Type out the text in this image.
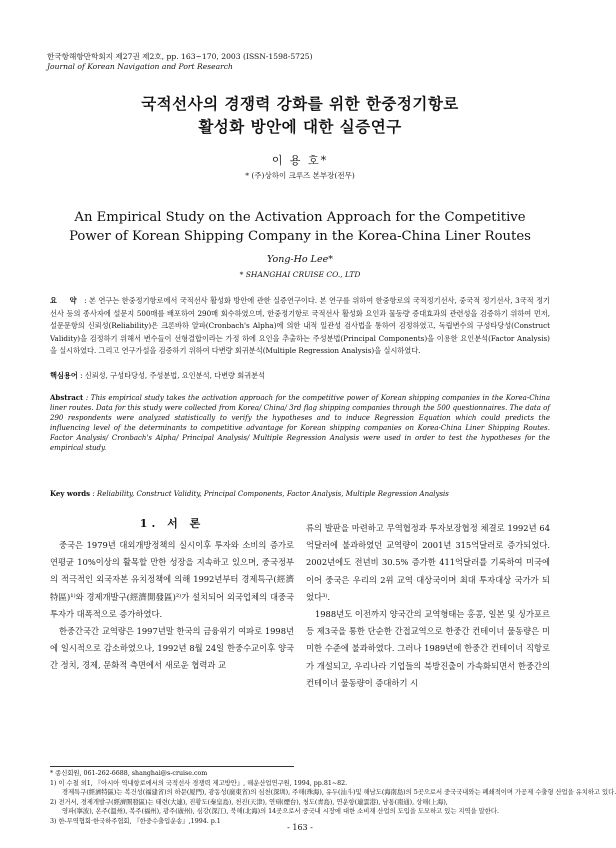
한국항해항만학회지 제27권 제2호, pp. 163~170, 2003 (ISSN-1598-5725)
Journal of Korean Navigation and Port Research
국적선사의 경쟁력 강화를 위한 한중정기항로
활성화 방안에 대한 실증연구
이 용 호*
* (주)상하이 크루즈 본부장(전무)
An Empirical Study on the Activation Approach for the Competitive
Power of Korean Shipping Company in the Korea-China Liner Routes
Yong-Ho Lee*
* SHANGHAI CRUISE CO., LTD
요 약 : 본 연구는 한중정기항로에서 국적선사 활성화 방안에 관한 실증연구이다. 본 연구를 위하여 한중항로의 국적정기선사, 중국적 정기선사, 3국적 정기선사 등의 종사자에 설문지 500매를 배포하여 290매 회수하였으며, 한중정기항로 국적선사 활성화 요인과 물동량 증대효과의 관련성을 검증하기 위하여 먼저, 설문문항의 신뢰성(Reliability)은 크론바하 알파(Cronbach's Alpha)에 의한 내적 일관성 검사법을 통하여 검정하였고, 독립변수의 구성타당성(Construct Validity)을 검정하기 위해서 변수들이 선형결합이라는 가정 하에 요인을 추출하는 주성분법(Principal Components)을 이용한 요인분석(Factor Analysis)을 실시하였다. 그리고 연구가설을 검증하기 위하여 다변량 회귀분석(Multiple Regression Analysis)을 실시하였다.
핵심용어 : 신뢰성, 구성타당성, 주성분법, 요인분석, 다변량 회귀분석
Abstract : This empirical study takes the activation approach for the competitive power of Korean shipping companies in the Korea-China liner routes. Data for this study were collected from Korea/ China/ 3rd flag shipping companies through the 500 questionnaires. The data of 290 respondents were analyzed statistically to verify the hypotheses and to induce Regression Equation which could predicts the influencing level of the determinants to competitive advantage for Korean shipping companies on Korea-China Liner Shipping Routes. Factor Analysis/ Cronbach's Alpha/ Principal Analysis/ Multiple Regression Analysis were used in order to test the hypotheses for the empirical study.
Key words : Reliability, Construct Validity, Principal Components, Factor Analysis, Multiple Regression Analysis
1. 서 론

중국은 1979년 대외개방정책의 실시이후 투자와 소비의 증가로 연평균 10%이상의 활목할 만한 성장을 지속하고 있으며, 중국정부의 적극적인 외국자본 유치정책에 의해 1992년부터 경제특구(經濟特區)¹⁾와 경제개발구(經濟開發區)²⁾가 설치되어 외국업체의 대중국 투자가 대폭적으로 증가하였다.

한중간국간 교역량은 1997년말 한국의 금융위기 여파로 1998년에 일시적으로 감소하였으나, 1992년 8월 24일 한중수교이후 양국간 정치, 경제, 문화적 측면에서 새로운 협력과 교

류의 발판을 마련하고 무역협정과 투자보장협정 체결로 1992년 64억달러에 불과하였던 교역량이 2001년 315억달러로 증가되었다. 2002년에도 전년비 30.5% 증가한 411억달러를 기록하여 미국에 이어 중국은 우리의 2위 교역 대상국이며 최대 투자대상 국가가 되었다³⁾.

1988년도 이전까지 양국간의 교역형태는 홍콩, 일본 및 싱가포르 등 제3국을 통한 단순한 간접교역으로 한중간 컨테이너 물동량은 미미한 수준에 불과하였다. 그러나 1989년에 한중간 컨테이너 직항로가 개설되고, 우리나라 기업들의 북방진출이 가속화되면서 한중간의 컨테이너 물동량이 증대하기 시

* 종신회원, 061-262-6688, shanghai@s-cruise.com
1) 이 수철 외1, 『아시아 역내항로에서의 국적선사 경쟁력 제고방안』, 해운산업연구원, 1994, pp.81~82.
경제특구(經濟特區)는 복건성(福建省)의 하문(厦門), 광동성(廣東省)의 심천(深圳), 주해(珠海), 유두(汕斗)및 해남도(海南島)의 5곳으로서 중국국내와는 폐쇄적이며 가공제 수출형 산업을 유치하고 있다.
2) 전거서, 경제개발구(經濟開發區)는 태련(大連), 진황도(秦皇島), 천진(天津), 연태(煙台), 청도(靑島), 연운항(連雲港), 남통(南通), 상해(上海),
영파(寧波), 온주(溫州), 복주(福州), 광주(廣州), 심강(深江), 북해(北海)의 14곳으로서 중국내 시장에 대한 소비재 산업의 도입을 도모하고 있는 지역을 말한다.
3) 한-무역협회·한국하주협회, 『한중수출입운송』,1994. p.1
- 163 -
